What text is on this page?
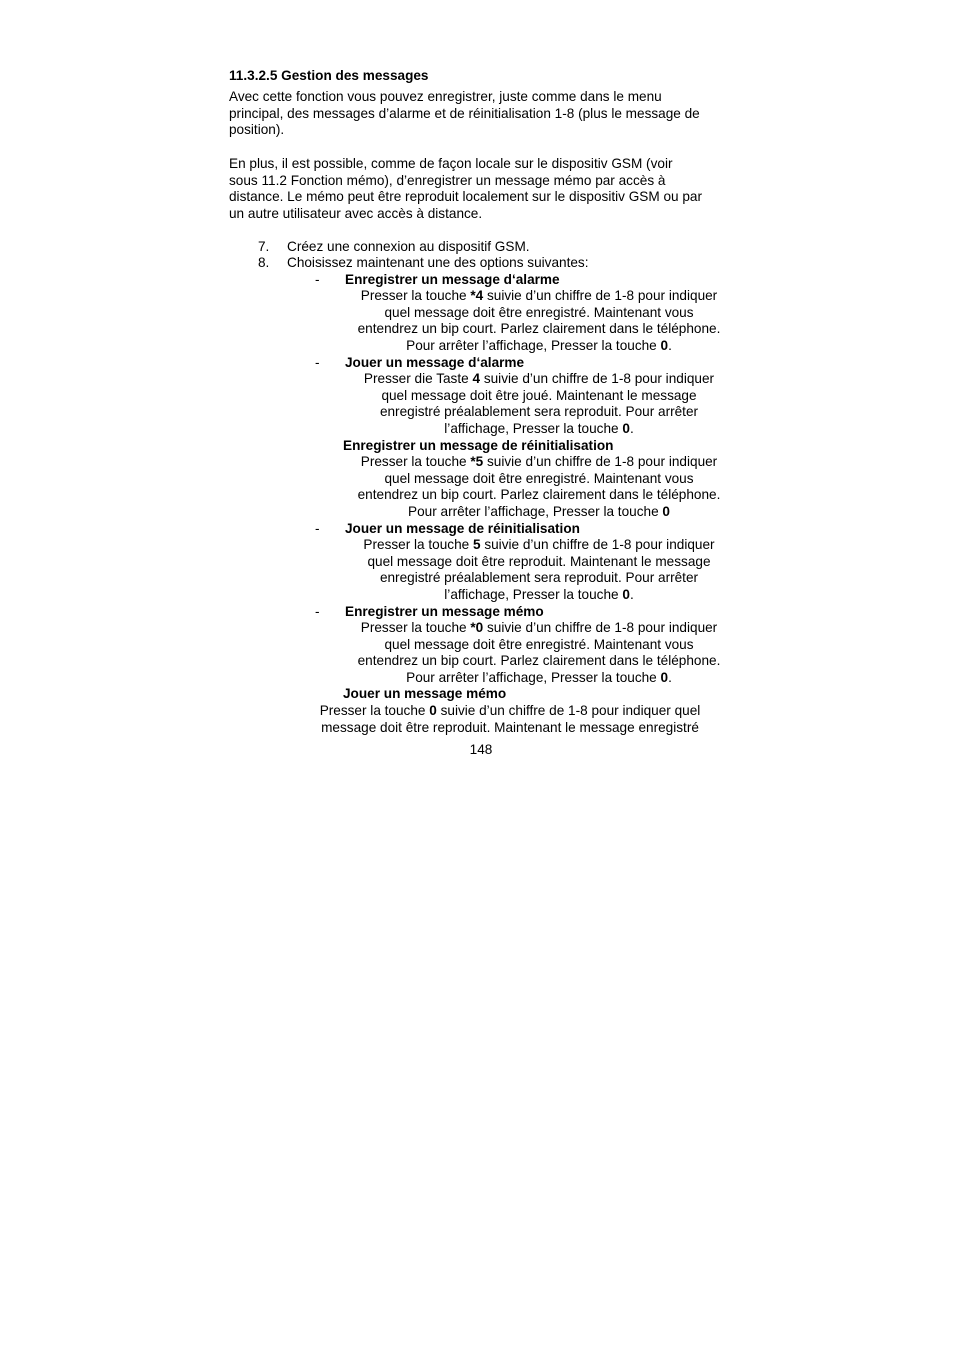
11.3.2.5 Gestion des messages
Avec cette fonction vous pouvez enregistrer, juste comme dans le menu
principal, des messages d’alarme et de réinitialisation 1-8 (plus le message de
position).
En plus, il est possible, comme de façon locale sur le dispositiv GSM (voir
sous 11.2 Fonction mémo), d’enregistrer un message mémo par accès à
distance. Le mémo peut être reproduit localement sur le dispositiv GSM ou par
un autre utilisateur avec accès à distance.
7. Créez une connexion au dispositif GSM.
8. Choisissez maintenant une des options suivantes:
- Enregistrer un message d‘alarme

Presser la touche *4 suivie d’un chiffre de 1-8 pour indiquer

quel message doit être enregistré. Maintenant vous

entendrez un bip court. Parlez clairement dans le téléphone.

Pour arrêter l’affichage, Presser la touche 0.

- Jouer un message d‘alarme

Presser die Taste 4 suivie d’un chiffre de 1-8 pour indiquer

quel message doit être joué. Maintenant le message

enregistré préalablement sera reproduit. Pour arrêter

l’affichage, Presser la touche 0.

Enregistrer un message de réinitialisation

Presser la touche *5 suivie d’un chiffre de 1-8 pour indiquer

quel message doit être enregistré. Maintenant vous

entendrez un bip court. Parlez clairement dans le téléphone.

Pour arrêter l’affichage, Presser la touche 0

- Jouer un message de réinitialisation

Presser la touche 5 suivie d’un chiffre de 1-8 pour indiquer

quel message doit être reproduit. Maintenant le message

enregistré préalablement sera reproduit. Pour arrêter

l’affichage, Presser la touche 0.

- Enregistrer un message mémo

Presser la touche *0 suivie d’un chiffre de 1-8 pour indiquer

quel message doit être enregistré. Maintenant vous

entendrez un bip court. Parlez clairement dans le téléphone.

Pour arrêter l’affichage, Presser la touche 0.

Jouer un message mémo

Presser la touche 0 suivie d’un chiffre de 1-8 pour indiquer quel

message doit être reproduit. Maintenant le message enregistré

148
